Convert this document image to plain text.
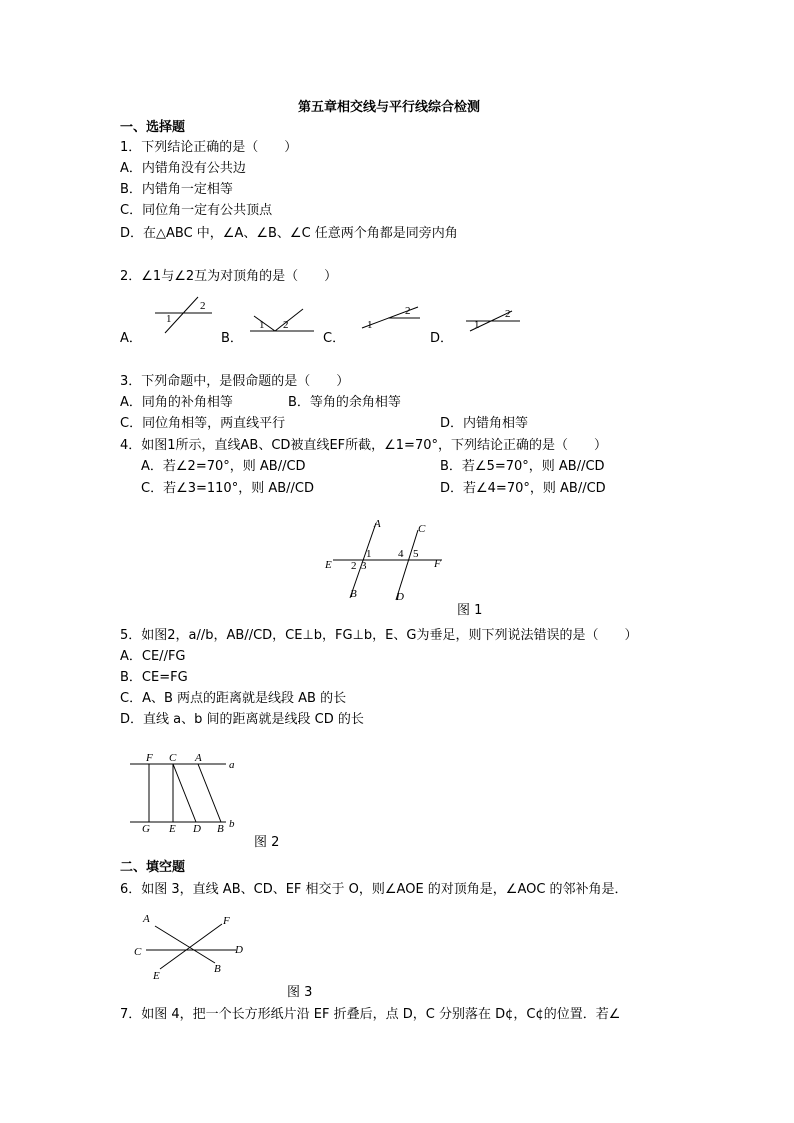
第五章相交线与平行线综合检测
一、选择题
1．下列结论正确的是（　　）
A．内错角没有公共边
B．内错角一定相等
C．同位角一定有公共顶点
D．在△ABC 中，∠A、∠B、∠C 任意两个角都是同旁内角
2．∠1与∠2互为对顶角的是（　　）
A．	B．	C．	D．
1
2
1 2	1
2
1
2
3．下列命题中，是假命题的是（　　）
A．同角的补角相等	B．等角的余角相等
C．同位角相等，两直线平行	D．内错角相等
4．如图1所示，直线AB、CD被直线EF所截，∠1=70°，下列结论正确的是（　　）
A．若∠2=70°，则 AB//CD	B．若∠5=70°，则 AB//CD
C．若∠3=110°，则 AB//CD	D．若∠4=70°，则 AB//CD
A
B
C
D
E	F
1
2 3
4 5
图 1
5．如图2，a//b，AB//CD，CE⊥b，FG⊥b，E、G为垂足，则下列说法错误的是（　　）
A．CE//FG
B．CE=FG
C．A、B 两点的距离就是线段 AB 的长
D．直线 a、b 间的距离就是线段 CD 的长
F C A
a
G E D B b
图 2
二、填空题
6．如图 3，直线 AB、CD、EF 相交于 O，则∠AOE 的对顶角是，∠AOC 的邻补角是．
A	F
C	D
E
B
图 3
7．如图 4，把一个长方形纸片沿 EF 折叠后，点 D，C 分别落在 D¢，C¢的位置．若∠
